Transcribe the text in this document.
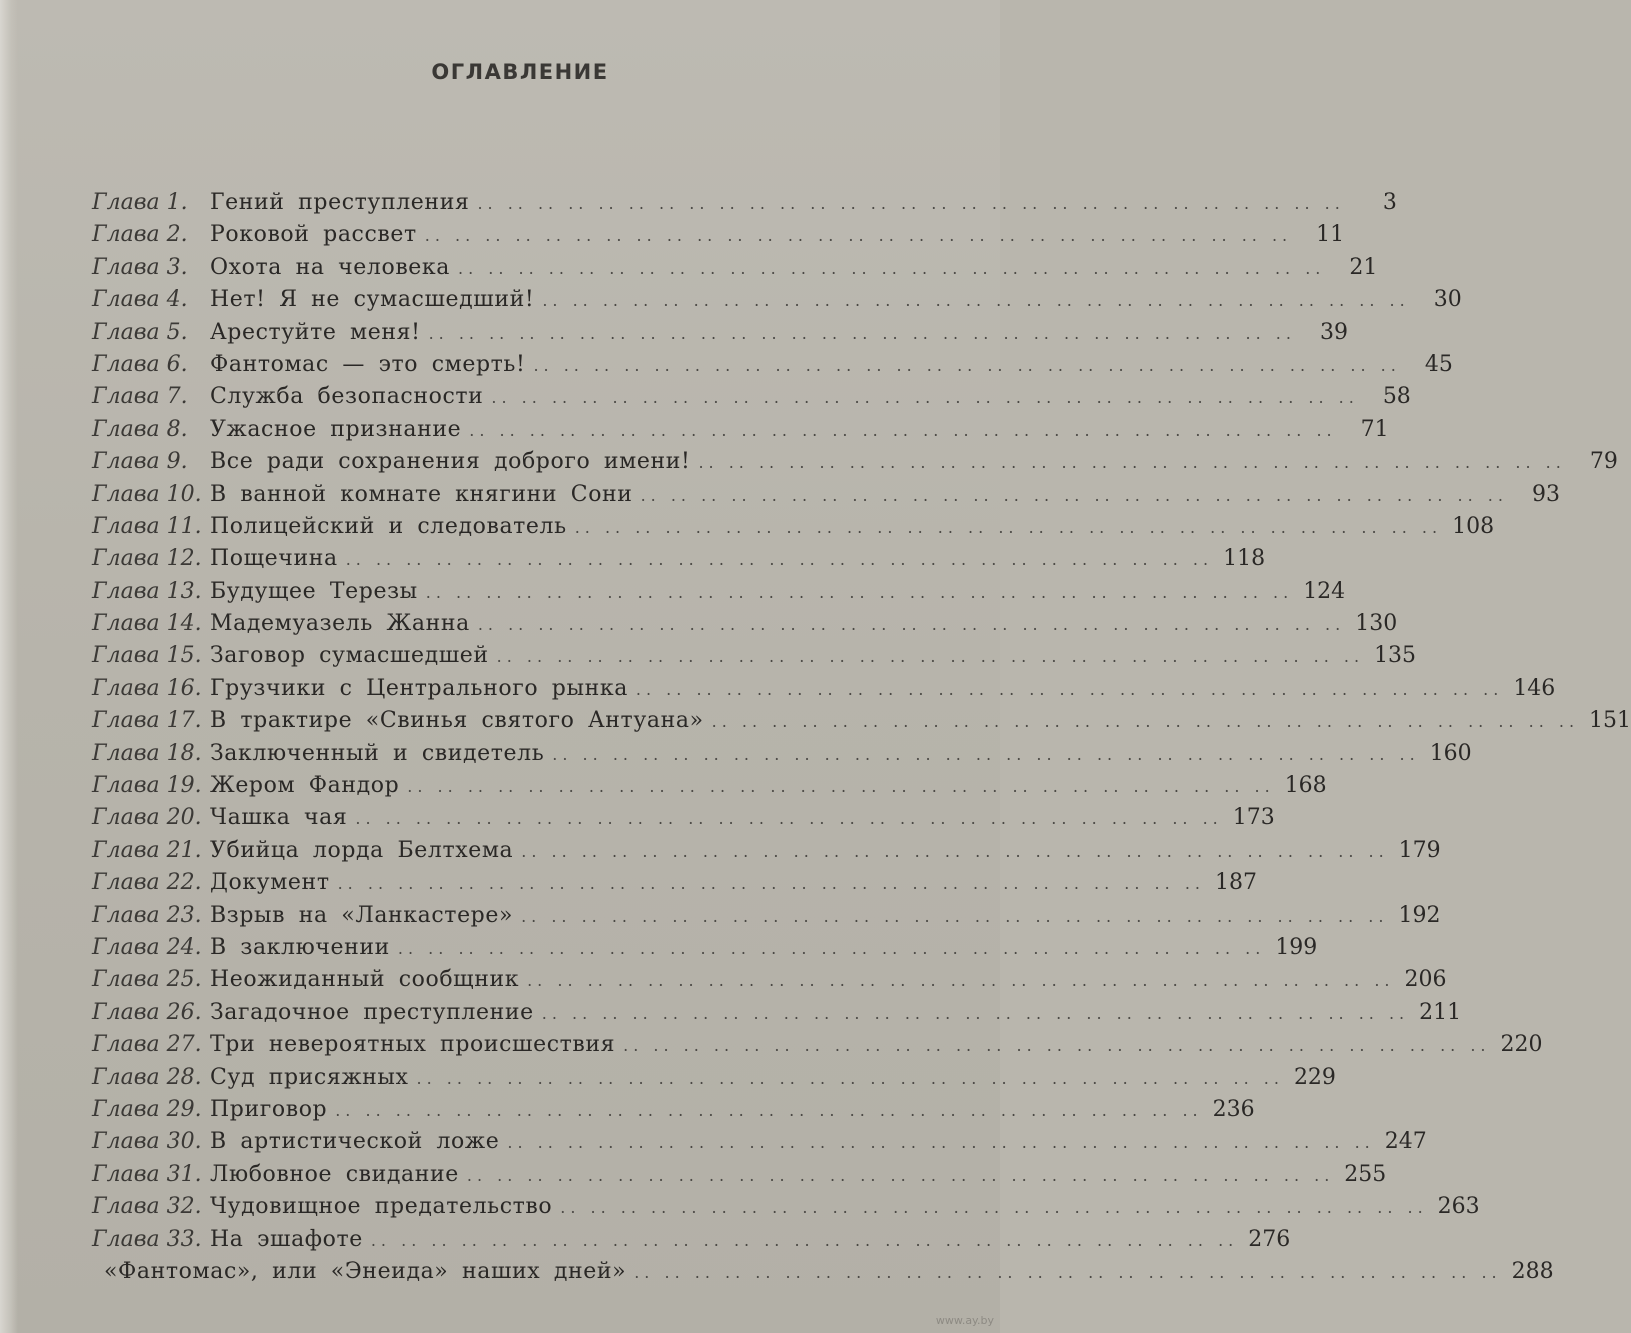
ОГЛАВЛЕНИЕ
Глава 1.	Гений преступления .. .. .. .. .. .. .. .. .. .. .. .. .. .. .. .. .. .. .. .. .. .. .. .. .. .. .. .. ..	3
Глава 2.	Роковой рассвет .. .. .. .. .. .. .. .. .. .. .. .. .. .. .. .. .. .. .. .. .. .. .. .. .. .. .. .. ..	11
Глава 3.	Охота на человека .. .. .. .. .. .. .. .. .. .. .. .. .. .. .. .. .. .. .. .. .. .. .. .. .. .. .. .. ..	21
Глава 4.	Нет! Я не сумасшедший! .. .. .. .. .. .. .. .. .. .. .. .. .. .. .. .. .. .. .. .. .. .. .. .. .. .. .. .. ..	30
Глава 5.	Арестуйте меня! .. .. .. .. .. .. .. .. .. .. .. .. .. .. .. .. .. .. .. .. .. .. .. .. .. .. .. .. ..	39
Глава 6.	Фантомас — это смерть! .. .. .. .. .. .. .. .. .. .. .. .. .. .. .. .. .. .. .. .. .. .. .. .. .. .. .. .. ..	45
Глава 7.	Служба безопасности .. .. .. .. .. .. .. .. .. .. .. .. .. .. .. .. .. .. .. .. .. .. .. .. .. .. .. .. ..	58
Глава 8.	Ужасное признание .. .. .. .. .. .. .. .. .. .. .. .. .. .. .. .. .. .. .. .. .. .. .. .. .. .. .. .. ..	71
Глава 9.	Все ради сохранения доброго имени! .. .. .. .. .. .. .. .. .. .. .. .. .. .. .. .. .. .. .. .. .. .. .. .. .. .. .. .. ..	79
Глава 10. В ванной комнате княгини Сони .. .. .. .. .. .. .. .. .. .. .. .. .. .. .. .. .. .. .. .. .. .. .. .. .. .. .. .. ..	93
Глава 11. Полицейский и следователь .. .. .. .. .. .. .. .. .. .. .. .. .. .. .. .. .. .. .. .. .. .. .. .. .. .. .. .. .. 108
Глава 12. Пощечина .. .. .. .. .. .. .. .. .. .. .. .. .. .. .. .. .. .. .. .. .. .. .. .. .. .. .. .. .. 118
Глава 13. Будущее Терезы .. .. .. .. .. .. .. .. .. .. .. .. .. .. .. .. .. .. .. .. .. .. .. .. .. .. .. .. .. 124
Глава 14. Мадемуазель Жанна .. .. .. .. .. .. .. .. .. .. .. .. .. .. .. .. .. .. .. .. .. .. .. .. .. .. .. .. .. 130
Глава 15. Заговор сумасшедшей .. .. .. .. .. .. .. .. .. .. .. .. .. .. .. .. .. .. .. .. .. .. .. .. .. .. .. .. .. 135
Глава 16. Грузчики с Центрального рынка .. .. .. .. .. .. .. .. .. .. .. .. .. .. .. .. .. .. .. .. .. .. .. .. .. .. .. .. .. 146
Глава 17. В трактире «Свинья святого Антуана» .. .. .. .. .. .. .. .. .. .. .. .. .. .. .. .. .. .. .. .. .. .. .. .. .. .. .. .. .. 151
Глава 18. Заключенный и свидетель .. .. .. .. .. .. .. .. .. .. .. .. .. .. .. .. .. .. .. .. .. .. .. .. .. .. .. .. .. 160
Глава 19. Жером Фандор .. .. .. .. .. .. .. .. .. .. .. .. .. .. .. .. .. .. .. .. .. .. .. .. .. .. .. .. .. 168
Глава 20. Чашка чая .. .. .. .. .. .. .. .. .. .. .. .. .. .. .. .. .. .. .. .. .. .. .. .. .. .. .. .. .. 173
Глава 21. Убийца лорда Белтхема .. .. .. .. .. .. .. .. .. .. .. .. .. .. .. .. .. .. .. .. .. .. .. .. .. .. .. .. .. 179
Глава 22. Документ .. .. .. .. .. .. .. .. .. .. .. .. .. .. .. .. .. .. .. .. .. .. .. .. .. .. .. .. .. 187
Глава 23. Взрыв на «Ланкастере» .. .. .. .. .. .. .. .. .. .. .. .. .. .. .. .. .. .. .. .. .. .. .. .. .. .. .. .. .. 192
Глава 24. В заключении .. .. .. .. .. .. .. .. .. .. .. .. .. .. .. .. .. .. .. .. .. .. .. .. .. .. .. .. .. 199
Глава 25. Неожиданный сообщник .. .. .. .. .. .. .. .. .. .. .. .. .. .. .. .. .. .. .. .. .. .. .. .. .. .. .. .. .. 206
Глава 26. Загадочное преступление .. .. .. .. .. .. .. .. .. .. .. .. .. .. .. .. .. .. .. .. .. .. .. .. .. .. .. .. .. 211
Глава 27. Три невероятных происшествия .. .. .. .. .. .. .. .. .. .. .. .. .. .. .. .. .. .. .. .. .. .. .. .. .. .. .. .. .. 220
Глава 28. Суд присяжных .. .. .. .. .. .. .. .. .. .. .. .. .. .. .. .. .. .. .. .. .. .. .. .. .. .. .. .. .. 229
Глава 29. Приговор .. .. .. .. .. .. .. .. .. .. .. .. .. .. .. .. .. .. .. .. .. .. .. .. .. .. .. .. .. 236
Глава 30. В артистической ложе .. .. .. .. .. .. .. .. .. .. .. .. .. .. .. .. .. .. .. .. .. .. .. .. .. .. .. .. .. 247
Глава 31. Любовное свидание .. .. .. .. .. .. .. .. .. .. .. .. .. .. .. .. .. .. .. .. .. .. .. .. .. .. .. .. .. 255
Глава 32. Чудовищное предательство .. .. .. .. .. .. .. .. .. .. .. .. .. .. .. .. .. .. .. .. .. .. .. .. .. .. .. .. .. 263
Глава 33. На эшафоте .. .. .. .. .. .. .. .. .. .. .. .. .. .. .. .. .. .. .. .. .. .. .. .. .. .. .. .. .. 276
«Фантомас», или «Энеида» наших дней» .. .. .. .. .. .. .. .. .. .. .. .. .. .. .. .. .. .. .. .. .. .. .. .. .. .. .. .. .. 288
www.ay.by
